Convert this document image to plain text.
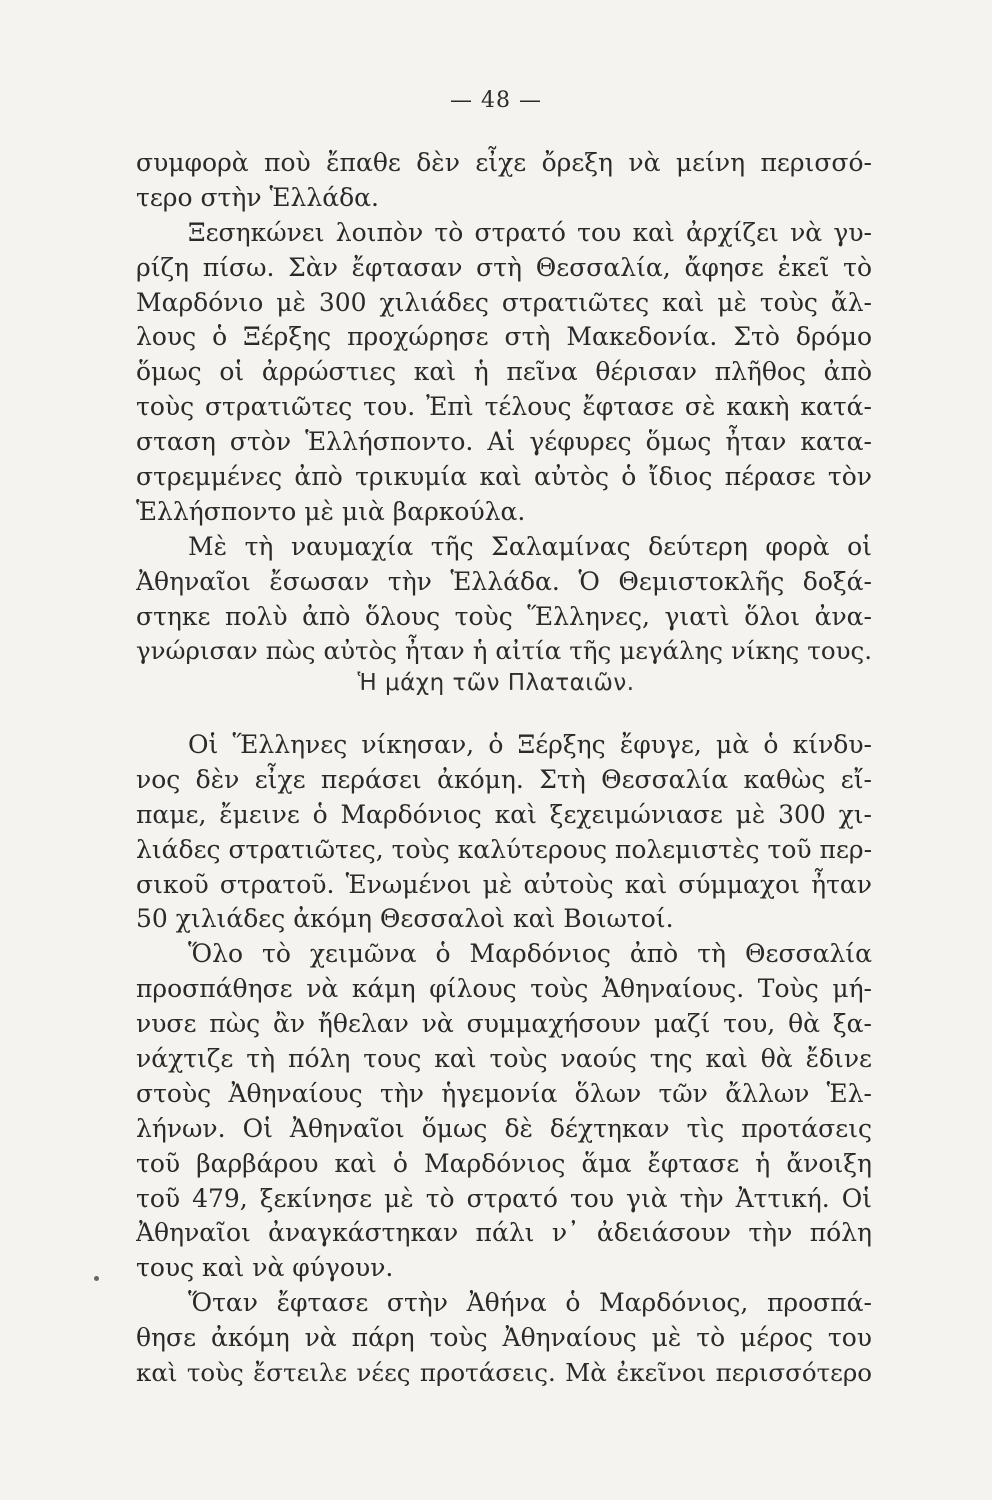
— 48 —
συμφορὰ ποὺ ἔπαθε δὲν εἶχε ὄρεξη νὰ μείνη περισσό-
τερο στὴν Ἑλλάδα.
Ξεσηκώνει λοιπὸν τὸ στρατό του καὶ ἀρχίζει νὰ γυ-
ρίζη πίσω. Σὰν ἔφτασαν στὴ Θεσσαλία, ἄφησε ἐκεῖ τὸ
Μαρδόνιο μὲ 300 χιλιάδες στρατιῶτες καὶ μὲ τοὺς ἄλ-
λους ὁ Ξέρξης προχώρησε στὴ Μακεδονία. Στὸ δρόμο
ὅμως οἱ ἀρρώστιες καὶ ἡ πεῖνα θέρισαν πλῆθος ἀπὸ
τοὺς στρατιῶτες του. Ἐπὶ τέλους ἔφτασε σὲ κακὴ κατά-
σταση στὸν Ἑλλήσποντο. Αἱ γέφυρες ὅμως ἦταν κατα-
στρεμμένες ἀπὸ τρικυμία καὶ αὐτὸς ὁ ἴδιος πέρασε τὸν
Ἑλλήσποντο μὲ μιὰ βαρκούλα.
Μὲ τὴ ναυμαχία τῆς Σαλαμίνας δεύτερη φορὰ οἱ
Ἀθηναῖοι ἔσωσαν τὴν Ἑλλάδα. Ὁ Θεμιστοκλῆς δοξά-
στηκε πολὺ ἀπὸ ὅλους τοὺς Ἕλληνες, γιατὶ ὅλοι ἀνα-
γνώρισαν πὼς αὐτὸς ἦταν ἡ αἰτία τῆς μεγάλης νίκης τους.
Ἡ μάχη τῶν Πλαταιῶν.
Οἱ Ἕλληνες νίκησαν, ὁ Ξέρξης ἔφυγε, μὰ ὁ κίνδυ-
νος δὲν εἶχε περάσει ἀκόμη. Στὴ Θεσσαλία καθὼς εἴ-
παμε, ἔμεινε ὁ Μαρδόνιος καὶ ξεχειμώνιασε μὲ 300 χι-
λιάδες στρατιῶτες, τοὺς καλύτερους πολεμιστὲς τοῦ περ-
σικοῦ στρατοῦ. Ἑνωμένοι μὲ αὐτοὺς καὶ σύμμαχοι ἦταν
50 χιλιάδες ἀκόμη Θεσσαλοὶ καὶ Βοιωτοί.
Ὅλο τὸ χειμῶνα ὁ Μαρδόνιος ἀπὸ τὴ Θεσσαλία
προσπάθησε νὰ κάμη φίλους τοὺς Ἀθηναίους. Τοὺς μή-
νυσε πὼς ἂν ἤθελαν νὰ συμμαχήσουν μαζί του, θὰ ξα-
νάχτιζε τὴ πόλη τους καὶ τοὺς ναούς της καὶ θὰ ἔδινε
στοὺς Ἀθηναίους τὴν ἡγεμονία ὅλων τῶν ἄλλων Ἑλ-
λήνων. Οἱ Ἀθηναῖοι ὅμως δὲ δέχτηκαν τὶς προτάσεις
τοῦ βαρβάρου καὶ ὁ Μαρδόνιος ἅμα ἔφτασε ἡ ἄνοιξη
τοῦ 479, ξεκίνησε μὲ τὸ στρατό του γιὰ τὴν Ἀττική. Οἱ
Ἀθηναῖοι ἀναγκάστηκαν πάλι ν᾽ ἀδειάσουν τὴν πόλη
τους καὶ νὰ φύγουν.
Ὅταν ἔφτασε στὴν Ἀθήνα ὁ Μαρδόνιος, προσπά-
θησε ἀκόμη νὰ πάρη τοὺς Ἀθηναίους μὲ τὸ μέρος του
καὶ τοὺς ἔστειλε νέες προτάσεις. Μὰ ἐκεῖνοι περισσότερο
